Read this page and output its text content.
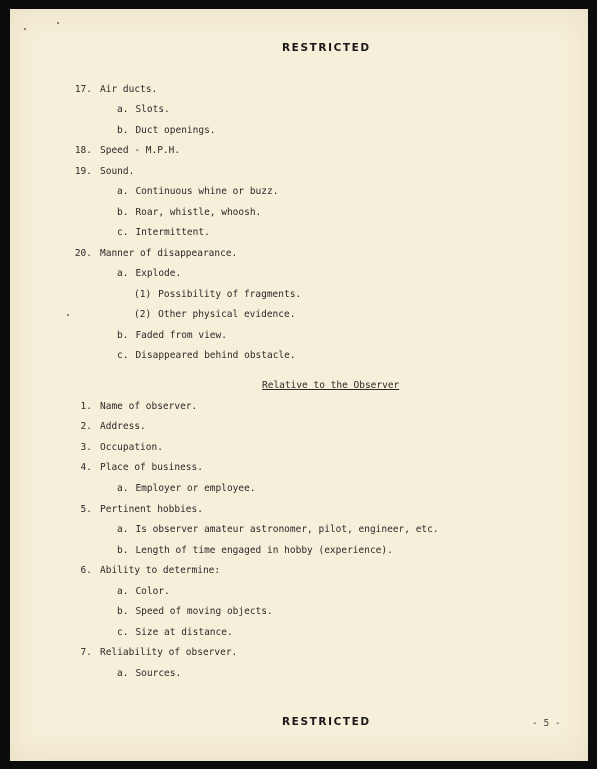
RESTRICTED
17. Air ducts.
a. Slots.
b. Duct openings.
18. Speed - M.P.H.
19. Sound.
a. Continuous whine or buzz.
b. Roar, whistle, whoosh.
c. Intermittent.
20. Manner of disappearance.
a. Explode.
(1) Possibility of fragments.
(2) Other physical evidence.
b. Faded from view.
c. Disappeared behind obstacle.
Relative to the Observer
1. Name of observer.
2. Address.
3. Occupation.
4. Place of business.
a. Employer or employee.
5. Pertinent hobbies.
a. Is observer amateur astronomer, pilot, engineer, etc.
b. Length of time engaged in hobby (experience).
6. Ability to determine:
a. Color.
b. Speed of moving objects.
c. Size at distance.
7. Reliability of observer.
a. Sources.
RESTRICTED	- 5 -
